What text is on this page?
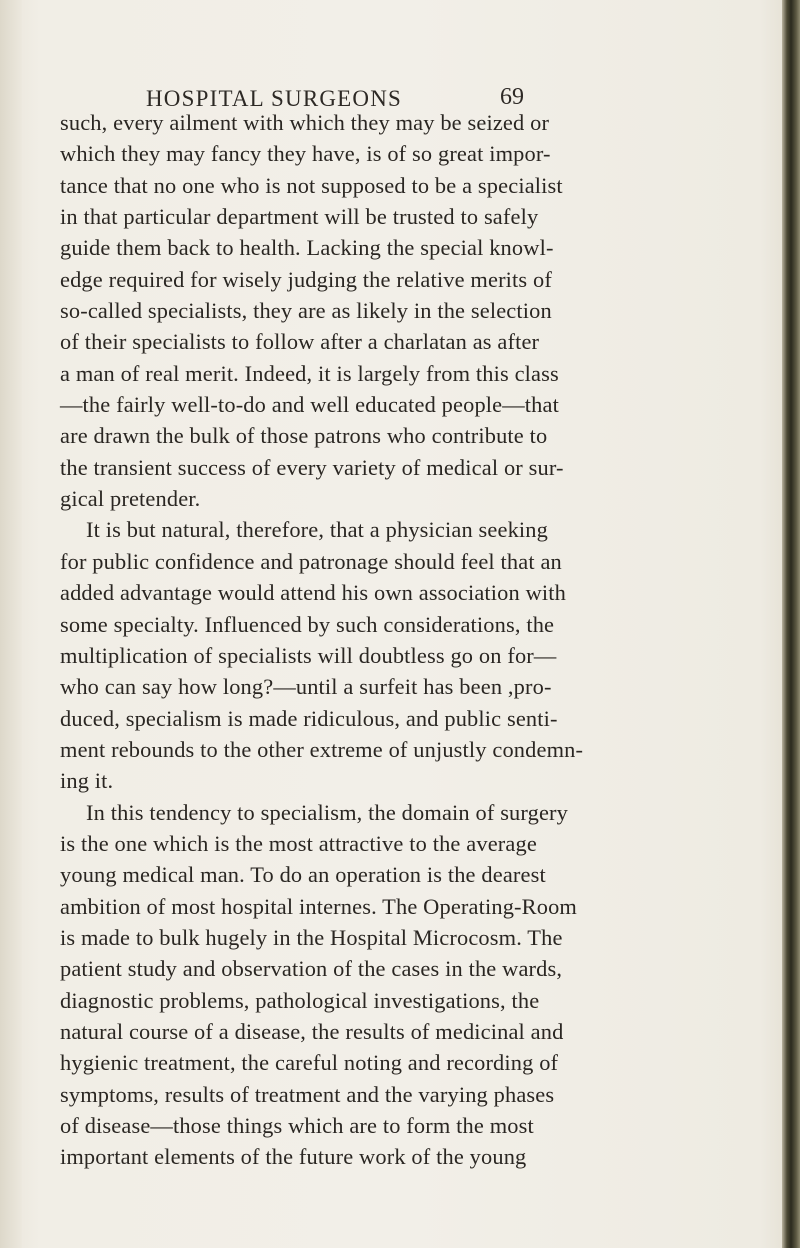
HOSPITAL SURGEONS	69
such, every ailment with which they may be seized or
which they may fancy they have, is of so great impor-
tance that no one who is not supposed to be a specialist
in that particular department will be trusted to safely
guide them back to health. Lacking the special knowl-
edge required for wisely judging the relative merits of
so-called specialists, they are as likely in the selection
of their specialists to follow after a charlatan as after
a man of real merit. Indeed, it is largely from this class
—the fairly well-to-do and well educated people—that
are drawn the bulk of those patrons who contribute to
the transient success of every variety of medical or sur-
gical pretender.
It is but natural, therefore, that a physician seeking
for public confidence and patronage should feel that an
added advantage would attend his own association with
some specialty. Influenced by such considerations, the
multiplication of specialists will doubtless go on for—
who can say how long?—until a surfeit has been ,pro-
duced, specialism is made ridiculous, and public senti-
ment rebounds to the other extreme of unjustly condemn-
ing it.
In this tendency to specialism, the domain of surgery
is the one which is the most attractive to the average
young medical man. To do an operation is the dearest
ambition of most hospital internes. The Operating-Room
is made to bulk hugely in the Hospital Microcosm. The
patient study and observation of the cases in the wards,
diagnostic problems, pathological investigations, the
natural course of a disease, the results of medicinal and
hygienic treatment, the careful noting and recording of
symptoms, results of treatment and the varying phases
of disease—those things which are to form the most
important elements of the future work of the young
